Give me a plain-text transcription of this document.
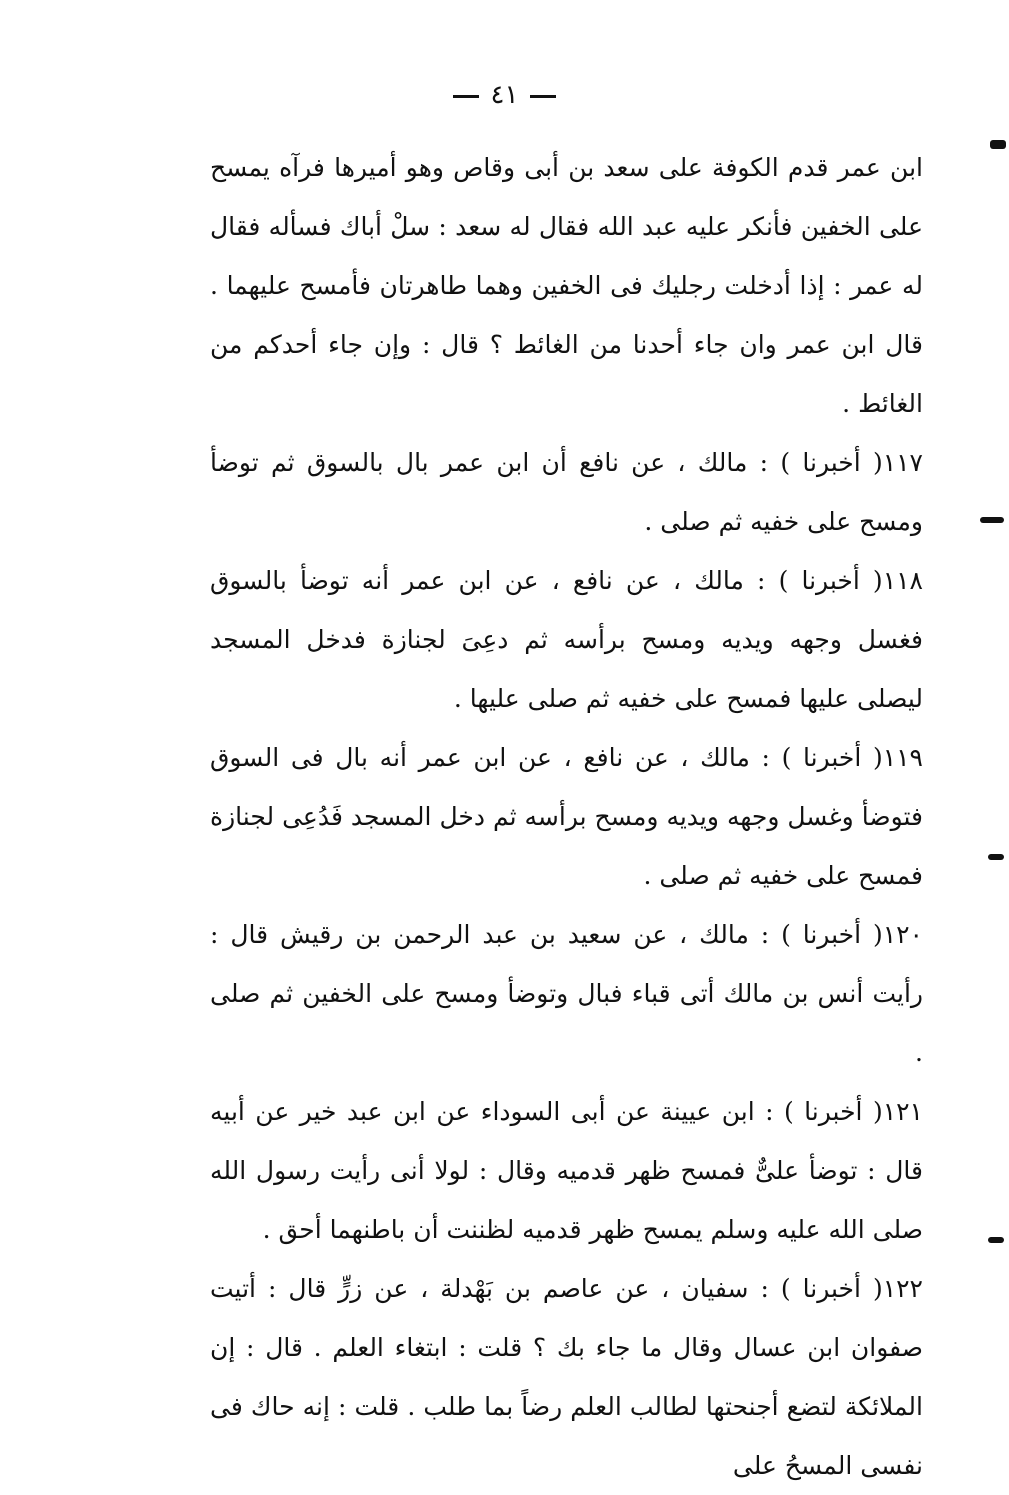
٤١

ابن عمر قدم الكوفة على سعد بن أبى وقاص وهو أميرها فرآه يمسح على الخفين فأنكر عليه عبد الله فقال له سعد : سلْ أباك فسأله فقال له عمر : إذا أدخلت رجليك فى الخفين وهما طاهرتان فأمسح عليهما . قال ابن عمر وان جاء أحدنا من الغائط ؟ قال : وإن جاء أحدكم من الغائط .

١١٧( أخبرنا ) : مالك ، عن نافع أن ابن عمر بال بالسوق ثم توضأ ومسح على خفيه ثم صلى .

١١٨( أخبرنا ) : مالك ، عن نافع ، عن ابن عمر أنه توضأ بالسوق فغسل وجهه ويديه ومسح برأسه ثم دعِىَ لجنازة فدخل المسجد ليصلى عليها فمسح على خفيه ثم صلى عليها .

١١٩( أخبرنا ) : مالك ، عن نافع ، عن ابن عمر أنه بال فى السوق فتوضأ وغسل وجهه ويديه ومسح برأسه ثم دخل المسجد فَدُعِى لجنازة فمسح على خفيه ثم صلى .

١٢٠( أخبرنا ) : مالك ، عن سعيد بن عبد الرحمن بن رقيش قال : رأيت أنس بن مالك أتى قباء فبال وتوضأ ومسح على الخفين ثم صلى .

١٢١( أخبرنا ) : ابن عيينة عن أبى السوداء عن ابن عبد خير عن أبيه قال : توضأ علىٌّ فمسح ظهر قدميه وقال : لولا أنى رأيت رسول الله صلى الله عليه وسلم يمسح ظهر قدميه لظننت أن باطنهما أحق .

١٢٢( أخبرنا ) : سفيان ، عن عاصم بن بَهْدلة ، عن زرٍّ قال : أتيت صفوان ابن عسال وقال ما جاء بك ؟ قلت : ابتغاء العلم . قال : إن الملائكة لتضع أجنحتها لطالب العلم رضاً بما طلب . قلت : إنه حاك فى نفسى المسحُ على
